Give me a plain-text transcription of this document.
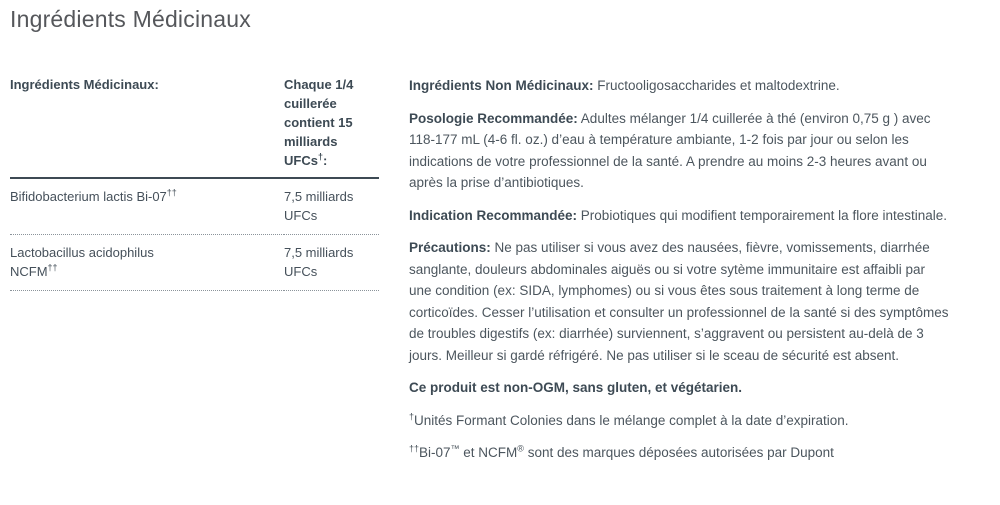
Ingrédients Médicinaux
Ingrédients Médicinaux:	Chaque 1/4 cuillerée contient 15 milliards UFCs†:

Bifidobacterium lactis Bi-07††	7,5 milliards UFCs

Lactobacillus acidophilus NCFM††	7,5 milliards UFCs

Ingrédients Non Médicinaux: Fructooligosaccharides et maltodextrine.

Posologie Recommandée: Adultes mélanger 1/4 cuillerée à thé (environ 0,75 g ) avec 118-177 mL (4-6 fl. oz.) d’eau à température ambiante, 1-2 fois par jour ou selon les indications de votre professionnel de la santé. A prendre au moins 2-3 heures avant ou après la prise d’antibiotiques.

Indication Recommandée: Probiotiques qui modifient temporairement la flore intestinale.

Précautions: Ne pas utiliser si vous avez des nausées, fièvre, vomissements, diarrhée sanglante, douleurs abdominales aiguës ou si votre sytème immunitaire est affaibli par une condition (ex: SIDA, lymphomes) ou si vous êtes sous traitement à long terme de corticoïdes. Cesser l’utilisation et consulter un professionnel de la santé si des symptômes de troubles digestifs (ex: diarrhée) surviennent, s’aggravent ou persistent au-delà de 3 jours. Meilleur si gardé réfrigéré. Ne pas utiliser si le sceau de sécurité est absent.

Ce produit est non-OGM, sans gluten, et végétarien.

†Unités Formant Colonies dans le mélange complet à la date d’expiration.

††Bi-07™ et NCFM® sont des marques déposées autorisées par Dupont
